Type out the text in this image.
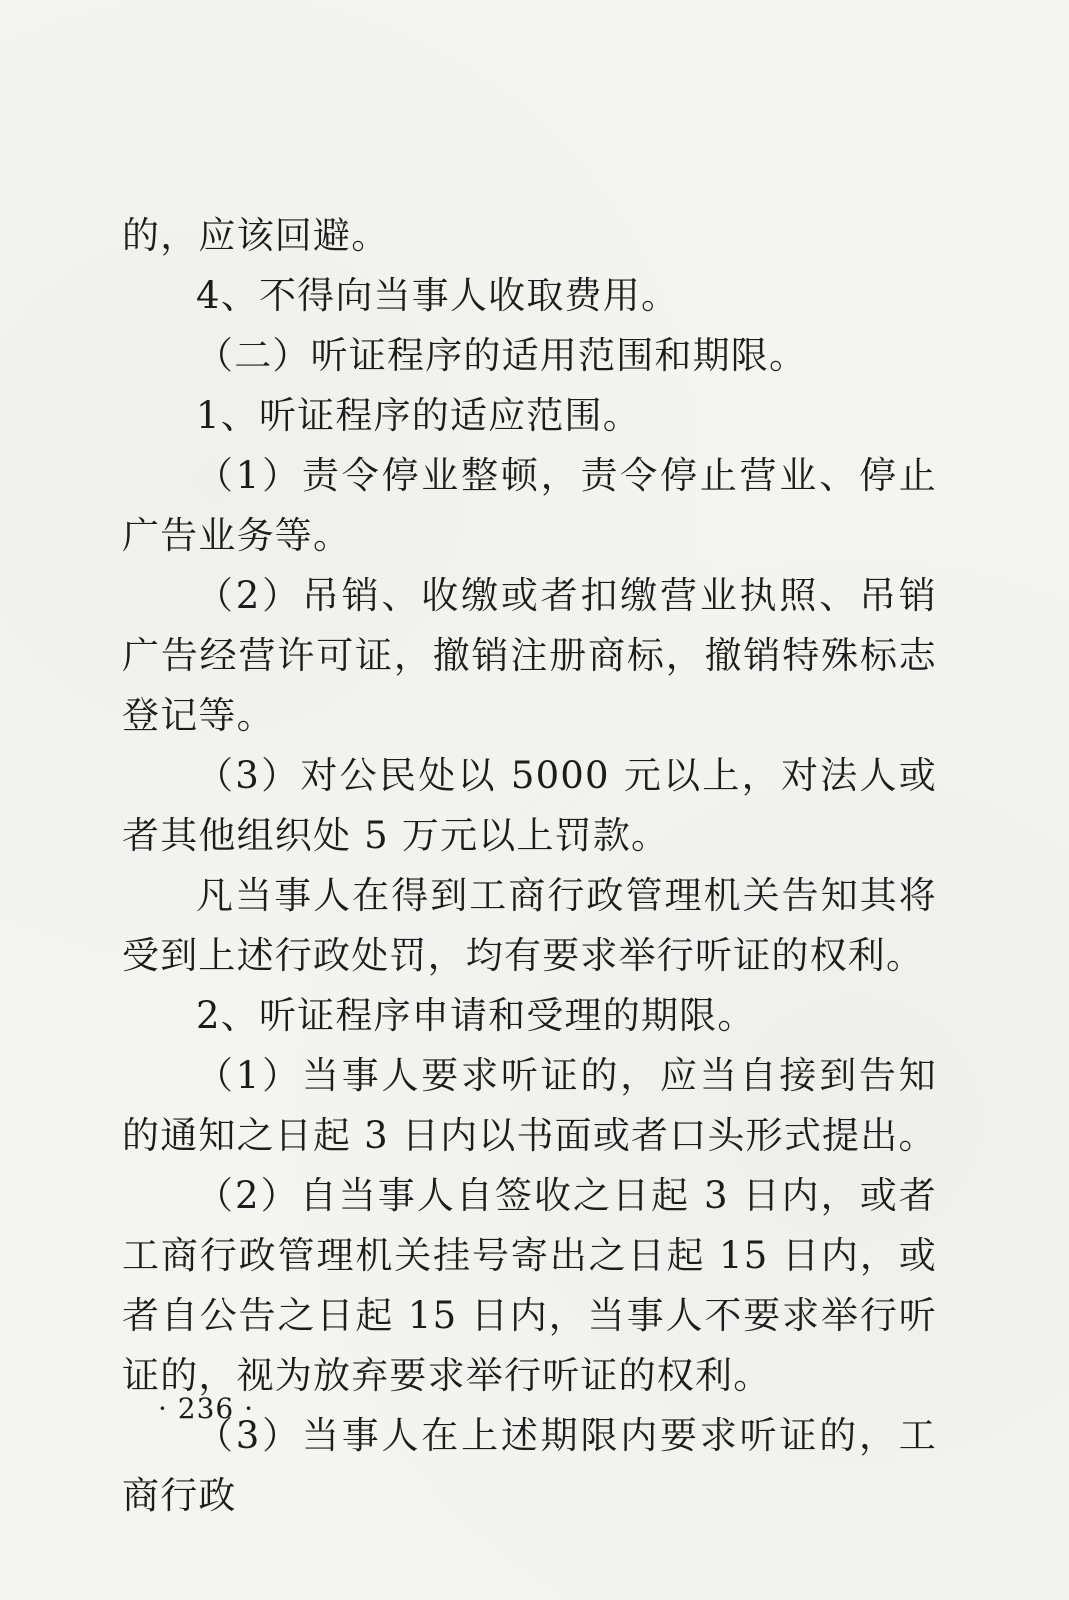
的，应该回避。

4、不得向当事人收取费用。

（二）听证程序的适用范围和期限。

1、听证程序的适应范围。

（1）责令停业整顿，责令停止营业、停止广告业务等。

（2）吊销、收缴或者扣缴营业执照、吊销广告经营许可证，撤销注册商标，撤销特殊标志登记等。

（3）对公民处以 5000 元以上，对法人或者其他组织处 5 万元以上罚款。

凡当事人在得到工商行政管理机关告知其将受到上述行政处罚，均有要求举行听证的权利。

2、听证程序申请和受理的期限。

（1）当事人要求听证的，应当自接到告知的通知之日起 3 日内以书面或者口头形式提出。

（2）自当事人自签收之日起 3 日内，或者工商行政管理机关挂号寄出之日起 15 日内，或者自公告之日起 15 日内，当事人不要求举行听证的，视为放弃要求举行听证的权利。

（3）当事人在上述期限内要求听证的，工商行政

· 236 ·
